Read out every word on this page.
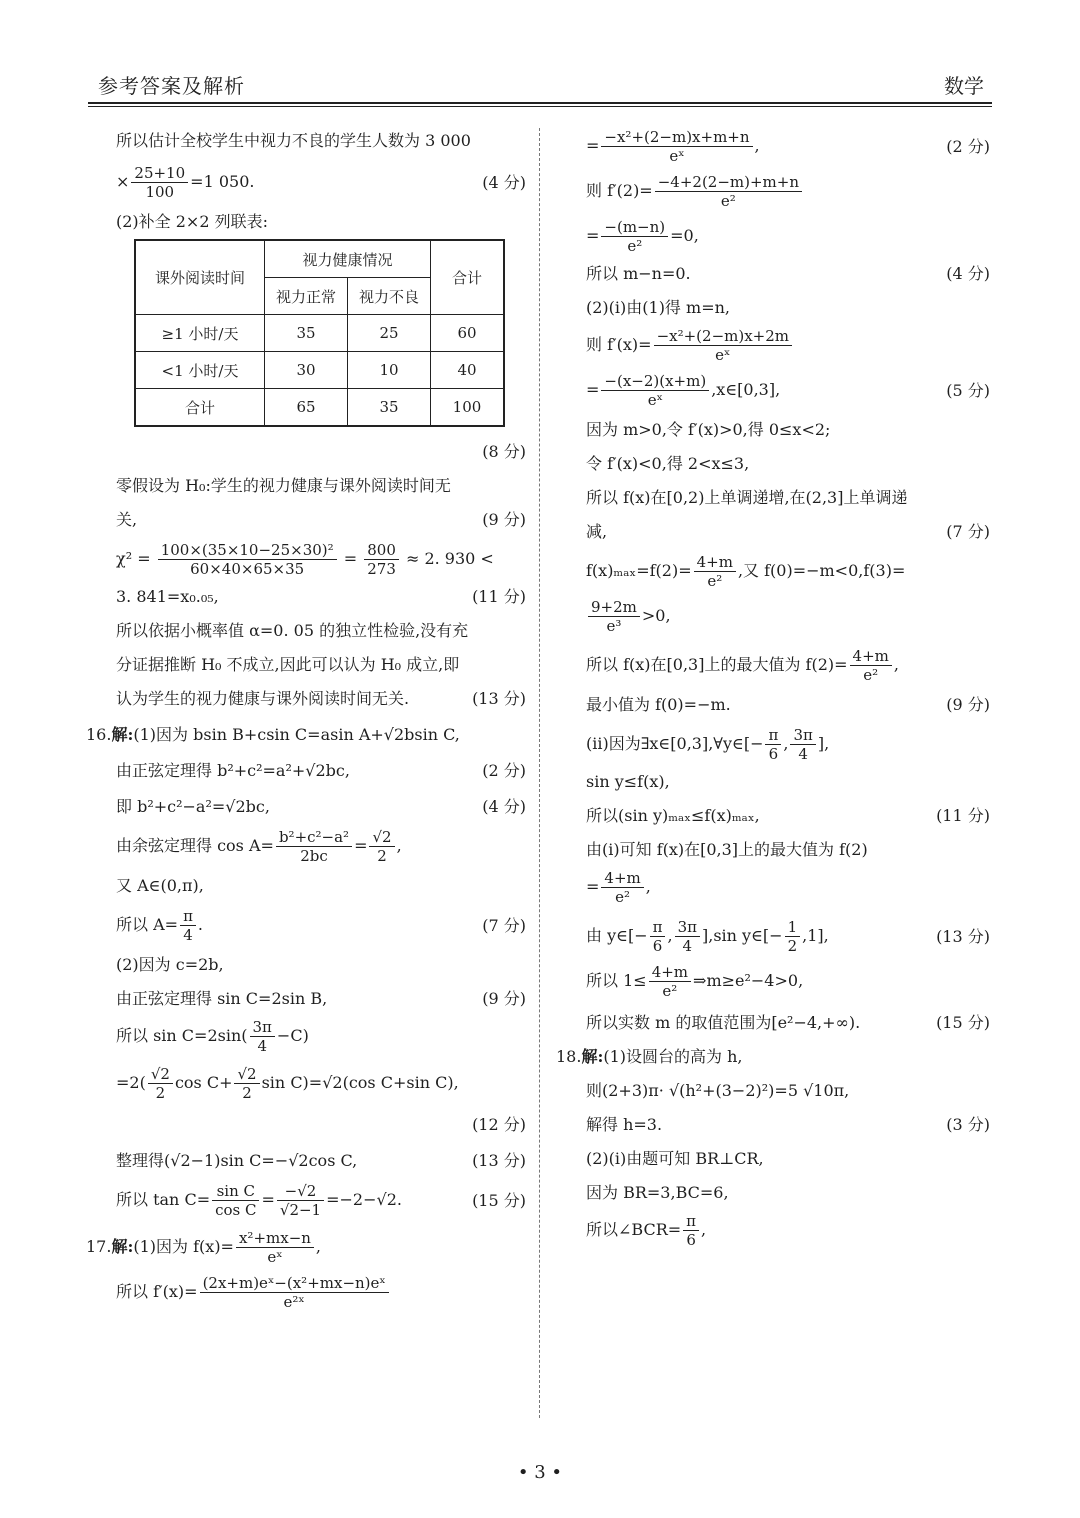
参考答案及解析	数学

所以估计全校学生中视力不良的学生人数为 3 000

× $\frac{25+10}{100} =1$ 050.	(4 分)

(2)补全 2×2 列联表:

课外阅读时间	视力健康情况		合计
	视力正常	视力不良	
≥1 小时/天	35	25	60
<1 小时/天	30	10	40
合计	65	35	100

(8 分)

零假设为 H₀:学生的视力健康与课外阅读时间无

关,	(9 分)

$\chi^2 = \frac{\text{100×(35×10−25×30)²}}{60\times 40\times 65\times 35} = \frac{800}{273} \approx 2$. 930 <

3. 841=x₀.₀₅,	(11 分)

所以依据小概率值 α=0. 05 的独立性检验,没有充

分证据推断 H₀ 不成立,因此可以认为 H₀ 成立,即

认为学生的视力健康与课外阅读时间无关.	(13 分)

16.解:(1)因为 bsin B+csin C=asin A+√2bsin C,

由正弦定理得 b²+c²=a²+√2bc,	(2 分)

即 b²+c²−a²=√2bc,	(4 分)

由余弦定理得 $\cos A= \frac{\text{b²+c²−a²}}{2bc} = \frac{√2}{2}$ ,

又 A∈(0,π),

所以 $A= \frac{\pi}{4}$ .	(7 分)

(2)因为 c=2b,

由正弦定理得 sin C=2sin B,	(9 分)

所以 $\sin C=2\sin( \frac{3\pi}{4} -C)$

$=2( \frac{√2}{2}$ $\cos C+ \frac{√2}{2}$ sin C)=√2(cos C+sin C),

(12 分)

整理得(√2−1)sin C=−√2cos C,	(13 分)

所以 $\tan C= \frac{\text{sin C}}{\text{cos C}} = \frac{-√2}{√2-1} =-2-√2$.	(15 分)

17.解:(1)因为 $f(x)= \frac{\text{x²+mx−n}}{\text{eˣ}}$ ,

所以 $f'(x)= \frac{\text{(2x+m)eˣ−(x²+mx−n)eˣ}}{\text{e²ˣ}}$

= $\frac{\text{−x²+(2−m)x+m+n}}{\text{eˣ}}$ ,	(2 分)

则 $f'(2)= \frac{-4+2(2-m)+m+n}{\text{e²}}$

= $\frac{-(m-n)}{\text{e²}} =0$,

所以 m−n=0.	(4 分)

(2)(ⅰ)由(1)得 m=n,

则 $f'(x)= \frac{\text{−x²+(2−m)x+2m}}{\text{eˣ}}$

= $\frac{-(x-2)(x+m)}{\text{eˣ}}$ ,x∈[0,3],	(5 分)

因为 m>0,令 f′(x)>0,得 0≤x<2;

令 f′(x)<0,得 2<x≤3,

所以 f(x)在[0,2)上单调递增,在(2,3]上单调递

减,	(7 分)

$f(x)_{max}=f(2)= \frac{4+m}{\text{e²}}$ ,又 f(0)=−m<0,f(3)=

$\frac{9+2m}{\text{e³}} >0$,

所以 f(x)在[0,3]上的最大值为 $f(2)= \frac{4+m}{\text{e²}}$ ,

最小值为 f(0)=−m.	(9 分)

(ⅱ)因为∃x∈[0,3],∀y∈[− $\frac{\pi}{6}$ , $\frac{3\pi}{4}$ ],

sin y≤f(x),

所以(sin y)ₘₐₓ≤f(x)ₘₐₓ,	(11 分)

由(ⅰ)可知 f(x)在[0,3]上的最大值为 f(2)

= $\frac{4+m}{\text{e²}}$ ,

由 y∈[− $\frac{\pi}{6}$ , $\frac{3\pi}{4} ],\sin$ y∈[− $\frac{1}{2} ,1$],	(13 分)

所以 $1\le \frac{4+m}{\text{e²}}$ ⇒m≥e²−4>0,

所以实数 m 的取值范围为[e²−4,+∞).	(15 分)

18.解:(1)设圆台的高为 h,

则(2+3)π· √(h²+(3−2)²)=5 √10π,

解得 h=3.	(3 分)

(2)(ⅰ)由题可知 BR⊥CR,

因为 BR=3,BC=6,

所以∠BCR= $\frac{\pi}{6}$ ,

• 3 •
